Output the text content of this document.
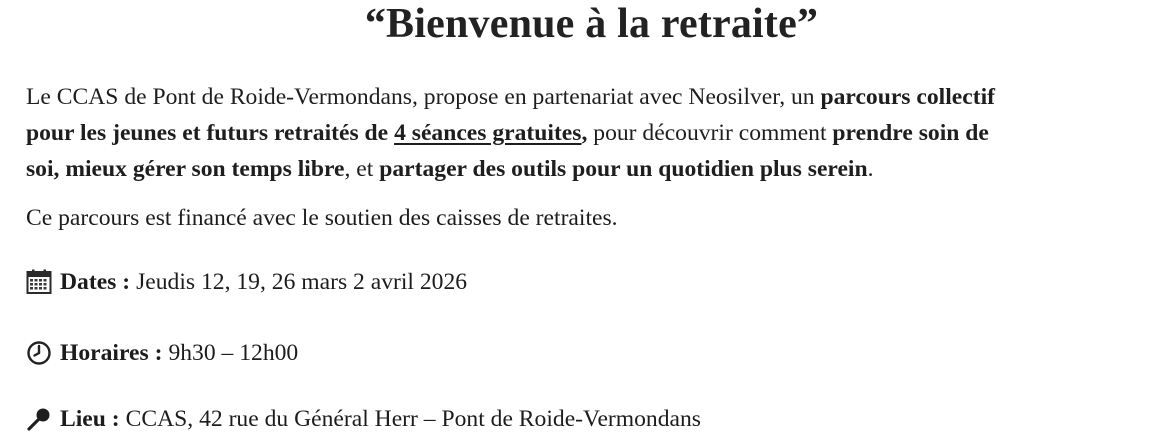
“Bienvenue à la retraite”
Le CCAS de Pont de Roide-Vermondans, propose en partenariat avec Neosilver, un parcours collectif
pour les jeunes et futurs retraités de 4 séances gratuites, pour découvrir comment prendre soin de
soi, mieux gérer son temps libre, et partager des outils pour un quotidien plus serein.
Ce parcours est financé avec le soutien des caisses de retraites.
Dates : Jeudis 12, 19, 26 mars 2 avril 2026
Horaires : 9h30 – 12h00
Lieu : CCAS, 42 rue du Général Herr – Pont de Roide-Vermondans
